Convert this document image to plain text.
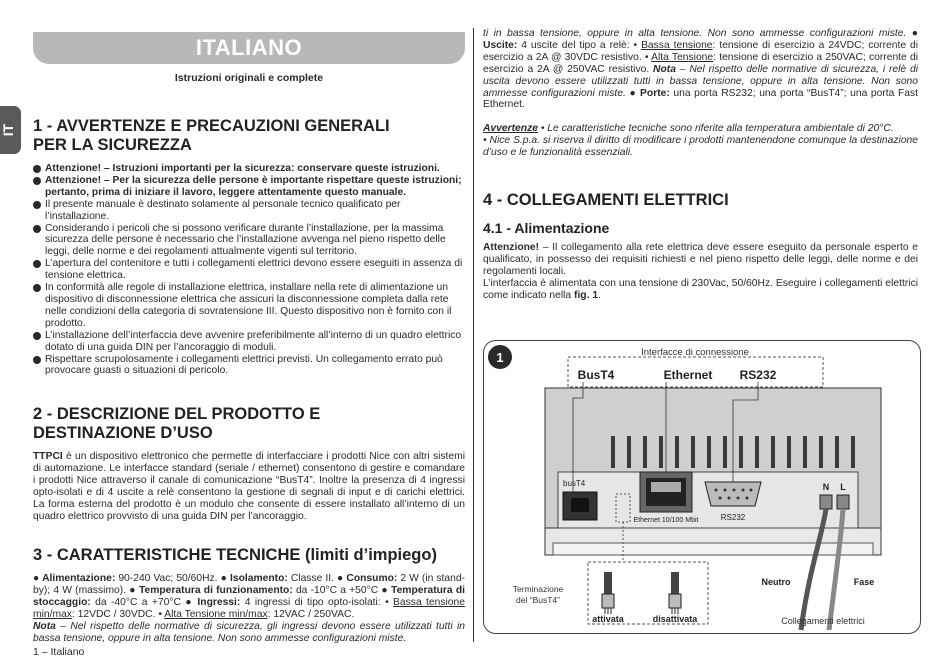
ITALIANO
Istruzioni originali e complete
IT 1 - AVVERTENZE E PRECAUZIONI GENERALI PER LA SICUREZZA
Attenzione! – Istruzioni importanti per la sicurezza: conservare queste istruzioni.
Attenzione! – Per la sicurezza delle persone è importante rispettare queste istruzioni; pertanto, prima di iniziare il lavoro, leggere attentamente questo manuale.
Il presente manuale è destinato solamente al personale tecnico qualificato per l’installazione.
Considerando i pericoli che si possono verificare durante l’installazione, per la massima sicurezza delle persone è necessario che l’installazione avvenga nel pieno rispetto delle leggi, delle norme e dei regolamenti attualmente vigenti sul territorio.
L’apertura del contenitore e tutti i collegamenti elettrici devono essere eseguiti in assenza di tensione elettrica.
In conformità alle regole di installazione elettrica, installare nella rete di alimentazione un dispositivo di disconnessione elettrica che assicuri la disconnessione completa dalla rete nelle condizioni della categoria di sovratensione III. Questo dispositivo non è fornito con il prodotto.
L’installazione dell’interfaccia deve avvenire preferibilmente all’interno di un quadro elettrico dotato di una guida DIN per l’ancoraggio di moduli.
Rispettare scrupolosamente i collegamenti elettrici previsti. Un collegamento errato può provocare guasti o situazioni di pericolo.
2 - DESCRIZIONE DEL PRODOTTO E DESTINAZIONE D’USO
TTPCI è un dispositivo elettronico che permette di interfacciare i prodotti Nice con altri sistemi di automazione. Le interfacce standard (seriale / ethernet) consentono di gestire e comandare i prodotti Nice attraverso il canale di comunicazione “BusT4”. Inoltre la presenza di 4 ingressi opto-isolati e di 4 uscite a relè consentono la gestione di segnali di input e di carichi elettrici. La forma esterna del prodotto è un modulo che consente di essere installato all’interno di un quadro elettrico provvisto di una guida DIN per l’ancoraggio.
3 - CARATTERISTICHE TECNICHE (limiti d’impiego)
● Alimentazione: 90-240 Vac; 50/60Hz. ● Isolamento: Classe II. ● Consumo: 2 W (in stand-by); 4 W (massimo). ● Temperatura di funzionamento: da -10°C a +50°C ● Temperatura di stoccaggio: da -40°C a +70°C ● Ingressi: 4 ingressi di tipo opto-isolati: • Bassa tensione min/max: 12VDC / 30VDC. • Alta Tensione min/max: 12VAC / 250VAC.
Nota – Nel rispetto delle normative di sicurezza, gli ingressi devono essere utilizzati tutti in bassa tensione, oppure in alta tensione. Non sono ammesse configurazioni miste.
1 – Italiano
ti in bassa tensione, oppure in alta tensione. Non sono ammesse configurazioni miste. ● Uscite: 4 uscite del tipo a relè: • Bassa tensione: tensione di esercizio a 24VDC; corrente di esercizio a 2A @ 30VDC resistivo. • Alta Tensione: tensione di esercizio a 250VAC; corrente di esercizio a 2A @ 250VAC resistivo. Nota – Nel rispetto delle normative di sicurezza, i relè di uscita devono essere utilizzati tutti in bassa tensione, oppure in alta tensione. Non sono ammesse configurazioni miste. ● Porte: una porta RS232; una porta “BusT4”; una porta Fast Ethernet.
Avvertenze • Le caratteristiche tecniche sono riferite alla temperatura ambientale di 20°C.
• Nice S.p.a. si riserva il diritto di modificare i prodotti mantenendone comunque la destinazione d’uso e le funzionalità essenziali.
4 - COLLEGAMENTI ELETTRICI
4.1 - Alimentazione
Attenzione! – Il collegamento alla rete elettrica deve essere eseguito da personale esperto e qualificato, in possesso dei requisiti richiesti e nel pieno rispetto delle leggi, delle norme e dei regolamenti locali.
L’interfaccia è alimentata con una tensione di 230Vac, 50/60Hz. Eseguire i collegamenti elettrici come indicato nella fig. 1.
1	Interfacce di connessione
BusT4	Ethernet RS232
busT4
Ethernet 10/100 Mbit	RS232
N L
Neutro	Fase
Collegamenti elettrici
Terminazione
del “BusT4”
attivata	disattivata
